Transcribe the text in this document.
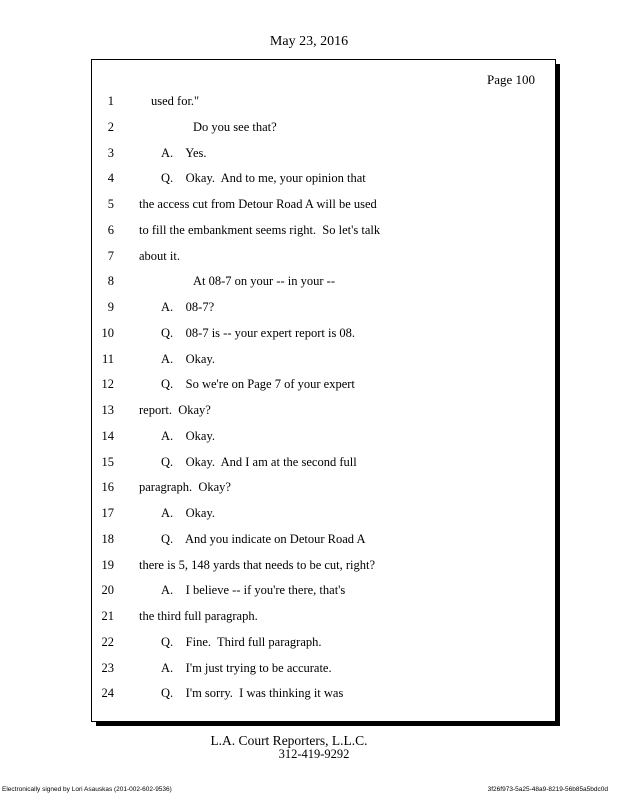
May 23, 2016
Page 100
1	used for."
2	Do you see that?
3	A.    Yes.
4	Q.    Okay.  And to me, your opinion that
5 the access cut from Detour Road A will be used
6 to fill the embankment seems right.  So let's talk
7 about it.
8	At 08-7 on your -- in your --
9	A.    08-7?
10	Q.    08-7 is -- your expert report is 08.
11	A.    Okay.
12	Q.    So we're on Page 7 of your expert
13 report.  Okay?
14	A.    Okay.
15	Q.    Okay.  And I am at the second full
16 paragraph.  Okay?
17	A.    Okay.
18	Q.    And you indicate on Detour Road A
19 there is 5, 148 yards that needs to be cut, right?
20	A.    I believe -- if you're there, that's
21 the third full paragraph.
22	Q.    Fine.  Third full paragraph.
23	A.    I'm just trying to be accurate.
24	Q.    I'm sorry.  I was thinking it was
L.A. Court Reporters, L.L.C.
312-419-9292
Electronically signed by Lori Asauskas (201-002-602-9536)	3f26f973-5a25-48a9-8219-56b85a5bdc0d
